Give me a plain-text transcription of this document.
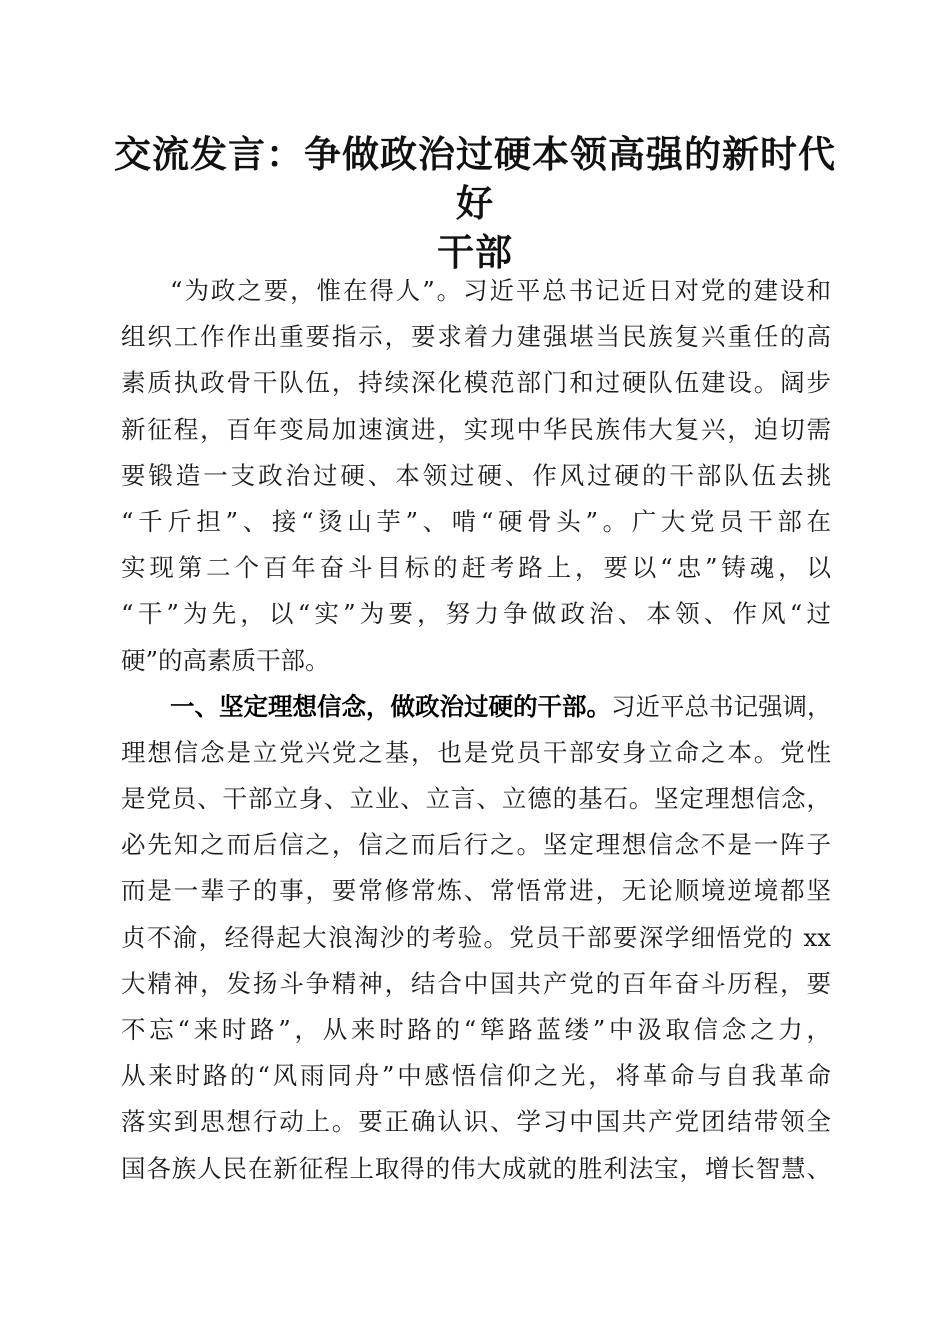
交流发言：争做政治过硬本领高强的新时代好
干部
“为政之要，惟在得人”。习近平总书记近日对党的建设和
组织工作作出重要指示，要求着力建强堪当民族复兴重任的高
素质执政骨干队伍，持续深化模范部门和过硬队伍建设。阔步
新征程，百年变局加速演进，实现中华民族伟大复兴，迫切需
要锻造一支政治过硬、本领过硬、作风过硬的干部队伍去挑
“千斤担”、接“烫山芋”、啃“硬骨头”。广大党员干部在
实现第二个百年奋斗目标的赶考路上，要以“忠”铸魂，以
“干”为先，以“实”为要，努力争做政治、本领、作风“过
硬”的高素质干部。
一、坚定理想信念，做政治过硬的干部。习近平总书记强调，
理想信念是立党兴党之基，也是党员干部安身立命之本。党性
是党员、干部立身、立业、立言、立德的基石。坚定理想信念，
必先知之而后信之，信之而后行之。坚定理想信念不是一阵子
而是一辈子的事，要常修常炼、常悟常进，无论顺境逆境都坚
贞不渝，经得起大浪淘沙的考验。党员干部要深学细悟党的 xx
大精神，发扬斗争精神，结合中国共产党的百年奋斗历程，要
不忘“来时路”，从来时路的“筚路蓝缕”中汲取信念之力，
从来时路的“风雨同舟”中感悟信仰之光，将革命与自我革命
落实到思想行动上。要正确认识、学习中国共产党团结带领全
国各族人民在新征程上取得的伟大成就的胜利法宝，增长智慧、
